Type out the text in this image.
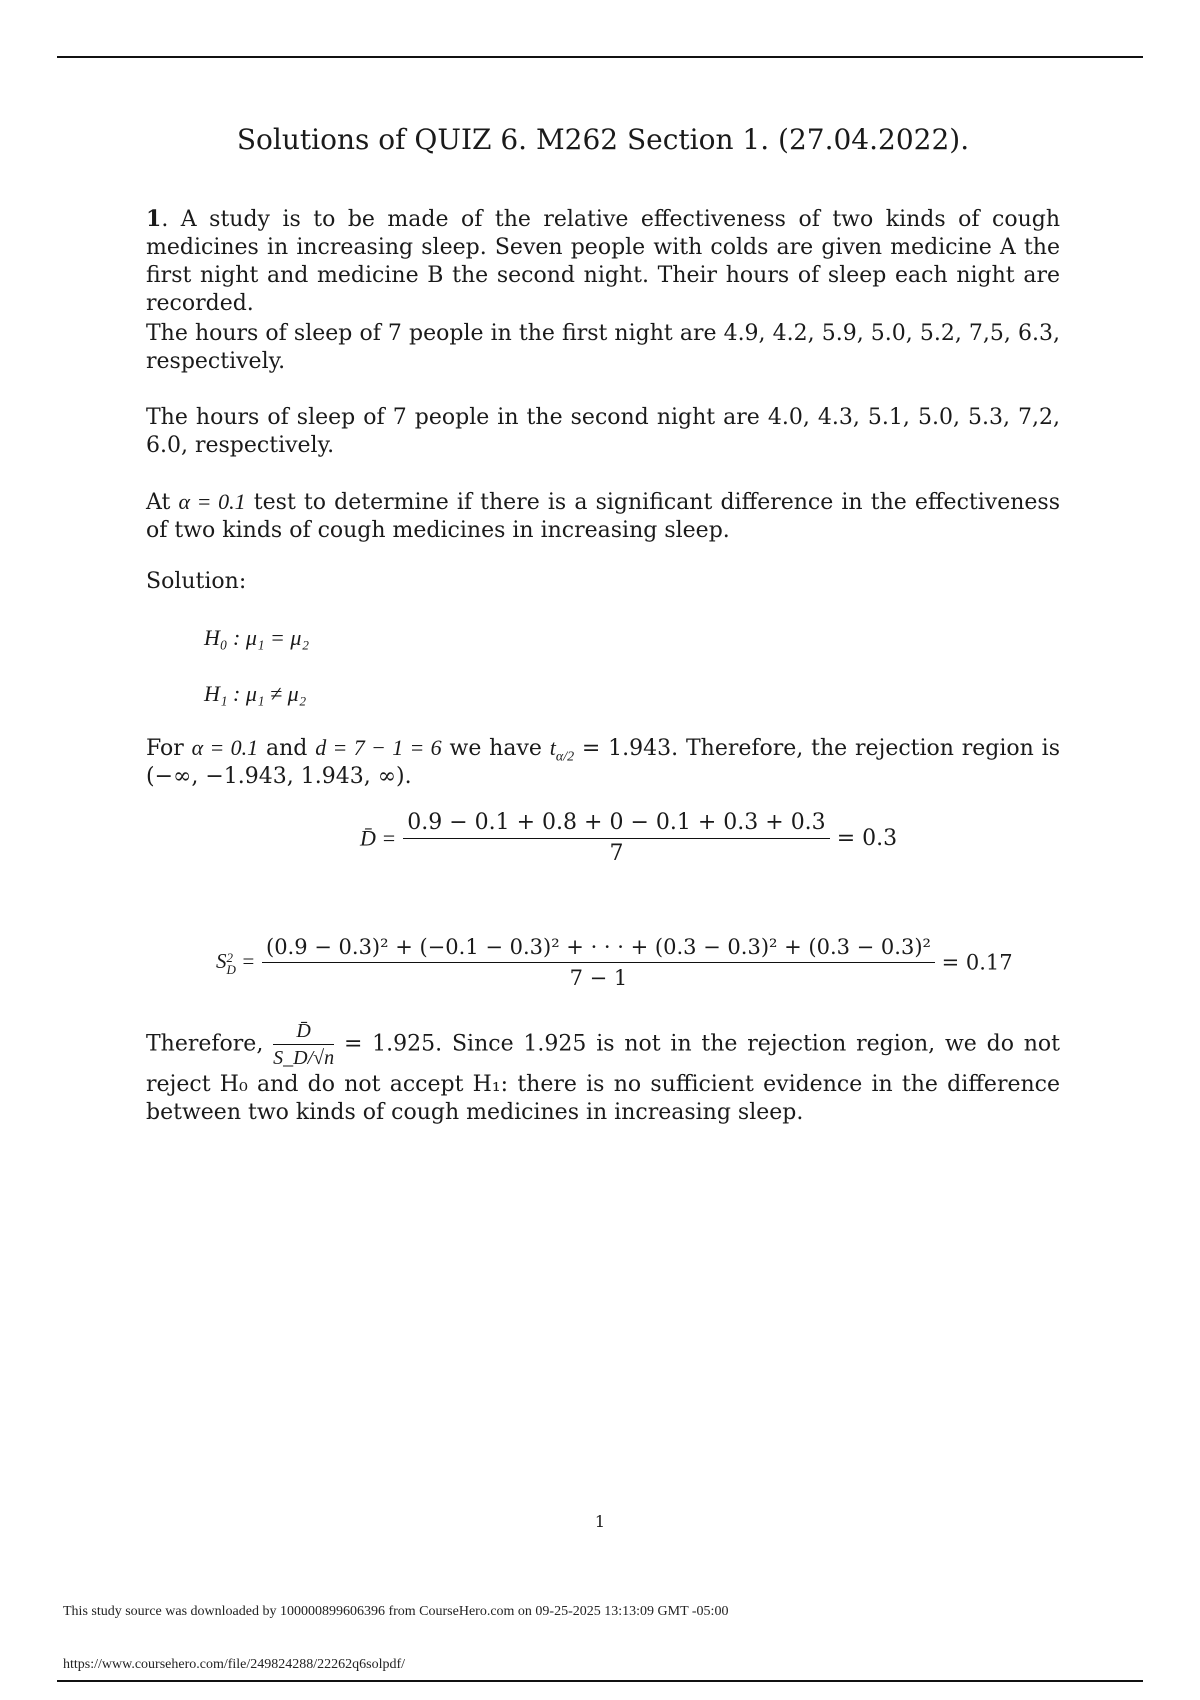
Solutions of QUIZ 6. M262 Section 1. (27.04.2022).
1. A study is to be made of the relative effectiveness of two kinds of cough medicines in increasing sleep. Seven people with colds are given medicine A the first night and medicine B the second night. Their hours of sleep each night are recorded.
The hours of sleep of 7 people in the first night are 4.9, 4.2, 5.9, 5.0, 5.2, 7,5, 6.3, respectively.
The hours of sleep of 7 people in the second night are 4.0, 4.3, 5.1, 5.0, 5.3, 7,2, 6.0, respectively.
At α = 0.1 test to determine if there is a significant difference in the effectiveness of two kinds of cough medicines in increasing sleep.
Solution:
H₀ : μ₁ = μ₂
H₁ : μ₁ ≠ μ₂
For α = 0.1 and d = 7 − 1 = 6 we have $t_{\alpha/2} = 1.943$. Therefore, the rejection region is (−∞, −1.943, 1.943, ∞).
D̄ = $\frac{0.9 - 0.1 + 0.8 + 0 - 0.1 + 0.3 + 0.3}{7} = 0.3$
S 2
D =
(0.9 − 0.3)² + (−0.1 − 0.3)² + · · · + (0.3 − 0.3)² + (0.3 − 0.3)²
7 − 1
= 0.17
Therefore, $\frac{D̄}{S\_D/√n} = 1.925$. Since 1.925 is not in the rejection region, we do not reject H₀ and do not accept H₁: there is no sufficient evidence in the difference between two kinds of cough medicines in increasing sleep.
1
This study source was downloaded by 100000899606396 from CourseHero.com on 09-25-2025 13:13:09 GMT -05:00
https://www.coursehero.com/file/249824288/22262q6solpdf/
